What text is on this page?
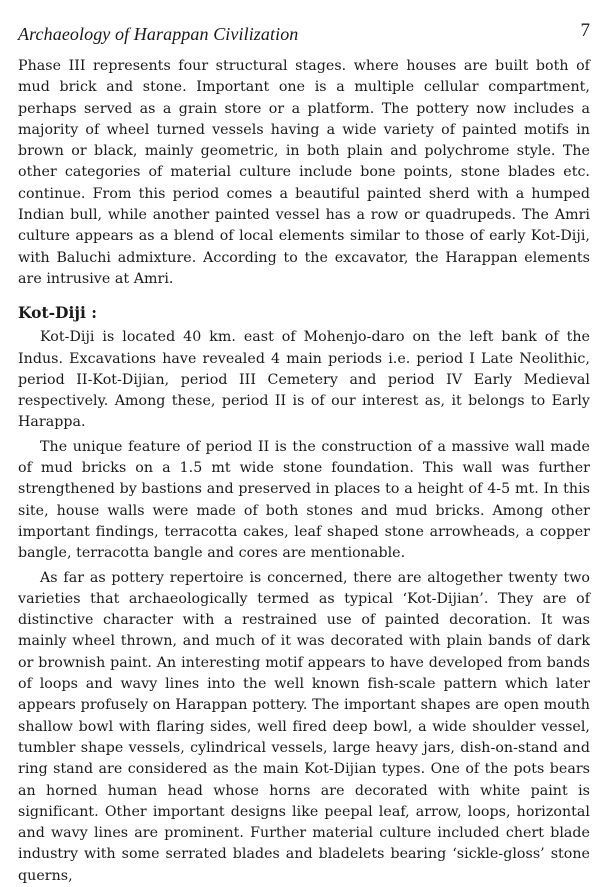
Archaeology of Harappan Civilization	7

Phase III represents four structural stages. where houses are built both of mud brick and stone. Important one is a multiple cellular compartment, perhaps served as a grain store or a platform. The pottery now includes a majority of wheel turned vessels having a wide variety of painted motifs in brown or black, mainly geometric, in both plain and polychrome style. The other categories of material culture include bone points, stone blades etc. continue. From this period comes a beautiful painted sherd with a humped Indian bull, while another painted vessel has a row or quadrupeds. The Amri culture appears as a blend of local elements similar to those of early Kot-Diji, with Baluchi admixture. According to the excavator, the Harappan elements are intrusive at Amri.

Kot-Diji :

Kot-Diji is located 40 km. east of Mohenjo-daro on the left bank of the Indus. Excavations have revealed 4 main periods i.e. period I Late Neolithic, period II-Kot-Dijian, period III Cemetery and period IV Early Medieval respectively. Among these, period II is of our interest as, it belongs to Early Harappa.

The unique feature of period II is the construction of a massive wall made of mud bricks on a 1.5 mt wide stone foundation. This wall was further strengthened by bastions and preserved in places to a height of 4-5 mt. In this site, house walls were made of both stones and mud bricks. Among other important findings, terracotta cakes, leaf shaped stone arrowheads, a copper bangle, terracotta bangle and cores are mentionable.

As far as pottery repertoire is concerned, there are altogether twenty two varieties that archaeologically termed as typical ‘Kot-Dijian’. They are of distinctive character with a restrained use of painted decoration. It was mainly wheel thrown, and much of it was decorated with plain bands of dark or brownish paint. An interesting motif appears to have developed from bands of loops and wavy lines into the well known fish-scale pattern which later appears profusely on Harappan pottery. The important shapes are open mouth shallow bowl with flaring sides, well fired deep bowl, a wide shoulder vessel, tumbler shape vessels, cylindrical vessels, large heavy jars, dish-on-stand and ring stand are considered as the main Kot-Dijian types. One of the pots bears an horned human head whose horns are decorated with white paint is significant. Other important designs like peepal leaf, arrow, loops, horizontal and wavy lines are prominent. Further material culture included chert blade industry with some serrated blades and bladelets bearing ‘sickle-gloss’ stone querns,
